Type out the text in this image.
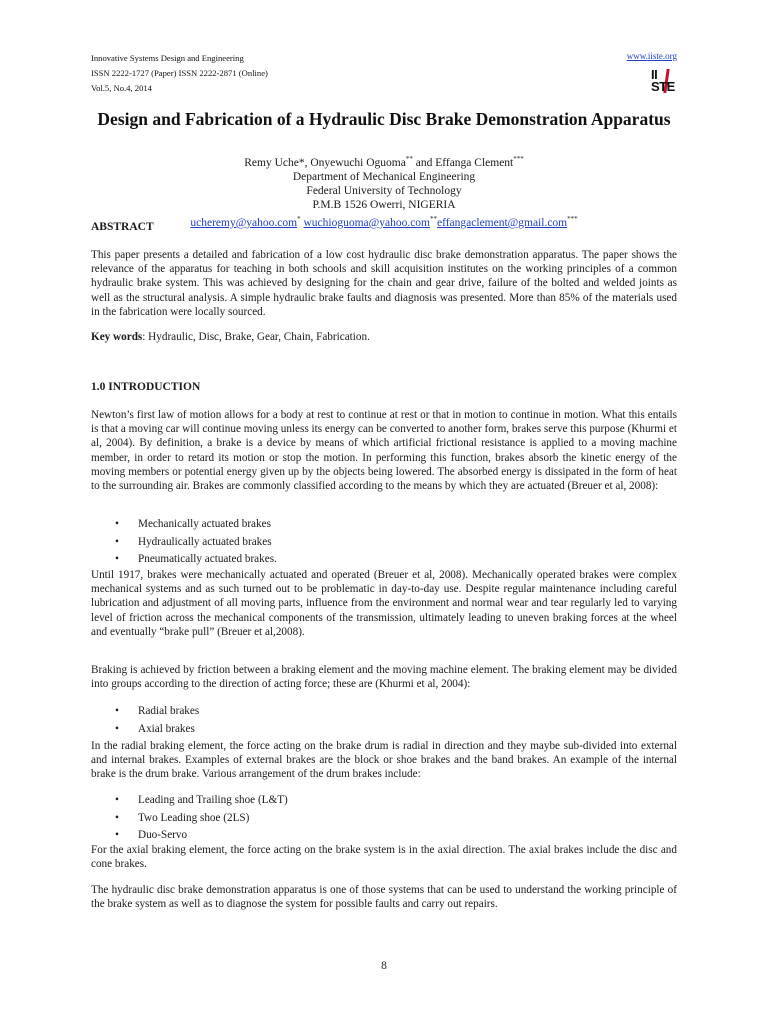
Innovative Systems Design and Engineering
ISSN 2222-1727 (Paper) ISSN 2222-2871 (Online)
Vol.5, No.4, 2014
www.iiste.org
II
STE
Design and Fabrication of a Hydraulic Disc Brake Demonstration Apparatus
Remy Uche*, Onyewuchi Oguoma** and Effanga Clement***
Department of Mechanical Engineering
Federal University of Technology
P.M.B 1526 Owerri, NIGERIA
ucheremy@yahoo.com* wuchioguoma@yahoo.com**effangaclement@gmail.com***
ABSTRACT

This paper presents a detailed and fabrication of a low cost hydraulic disc brake demonstration apparatus. The paper shows the relevance of the apparatus for teaching in both schools and skill acquisition institutes on the working principles of a common hydraulic brake system. This was achieved by designing for the chain and gear drive, failure of the bolted and welded joints as well as the structural analysis. A simple hydraulic brake faults and diagnosis was presented. More than 85% of the materials used in the fabrication were locally sourced.

Key words: Hydraulic, Disc, Brake, Gear, Chain, Fabrication.

1.0 INTRODUCTION

Newton’s first law of motion allows for a body at rest to continue at rest or that in motion to continue in motion. What this entails is that a moving car will continue moving unless its energy can be converted to another form, brakes serve this purpose (Khurmi et al, 2004). By definition, a brake is a device by means of which artificial frictional resistance is applied to a moving machine member, in order to retard its motion or stop the motion. In performing this function, brakes absorb the kinetic energy of the moving members or potential energy given up by the objects being lowered. The absorbed energy is dissipated in the form of heat to the surrounding air. Brakes are commonly classified according to the means by which they are actuated (Breuer et al, 2008):

• Mechanically actuated brakes
• Hydraulically actuated brakes
• Pneumatically actuated brakes.

Until 1917, brakes were mechanically actuated and operated (Breuer et al, 2008). Mechanically operated brakes were complex mechanical systems and as such turned out to be problematic in day-to-day use. Despite regular maintenance including careful lubrication and adjustment of all moving parts, influence from the environment and normal wear and tear regularly led to varying level of friction across the mechanical components of the transmission, ultimately leading to uneven braking forces at the wheel and eventually “brake pull” (Breuer et al,2008).

Braking is achieved by friction between a braking element and the moving machine element. The braking element may be divided into groups according to the direction of acting force; these are (Khurmi et al, 2004):

• Radial brakes
• Axial brakes

In the radial braking element, the force acting on the brake drum is radial in direction and they maybe sub-divided into external and internal brakes. Examples of external brakes are the block or shoe brakes and the band brakes. An example of the internal brake is the drum brake. Various arrangement of the drum brakes include:

• Leading and Trailing shoe (L&T)
• Two Leading shoe (2LS)
• Duo-Servo

For the axial braking element, the force acting on the brake system is in the axial direction. The axial brakes include the disc and cone brakes.

The hydraulic disc brake demonstration apparatus is one of those systems that can be used to understand the working principle of the brake system as well as to diagnose the system for possible faults and carry out repairs.

8
